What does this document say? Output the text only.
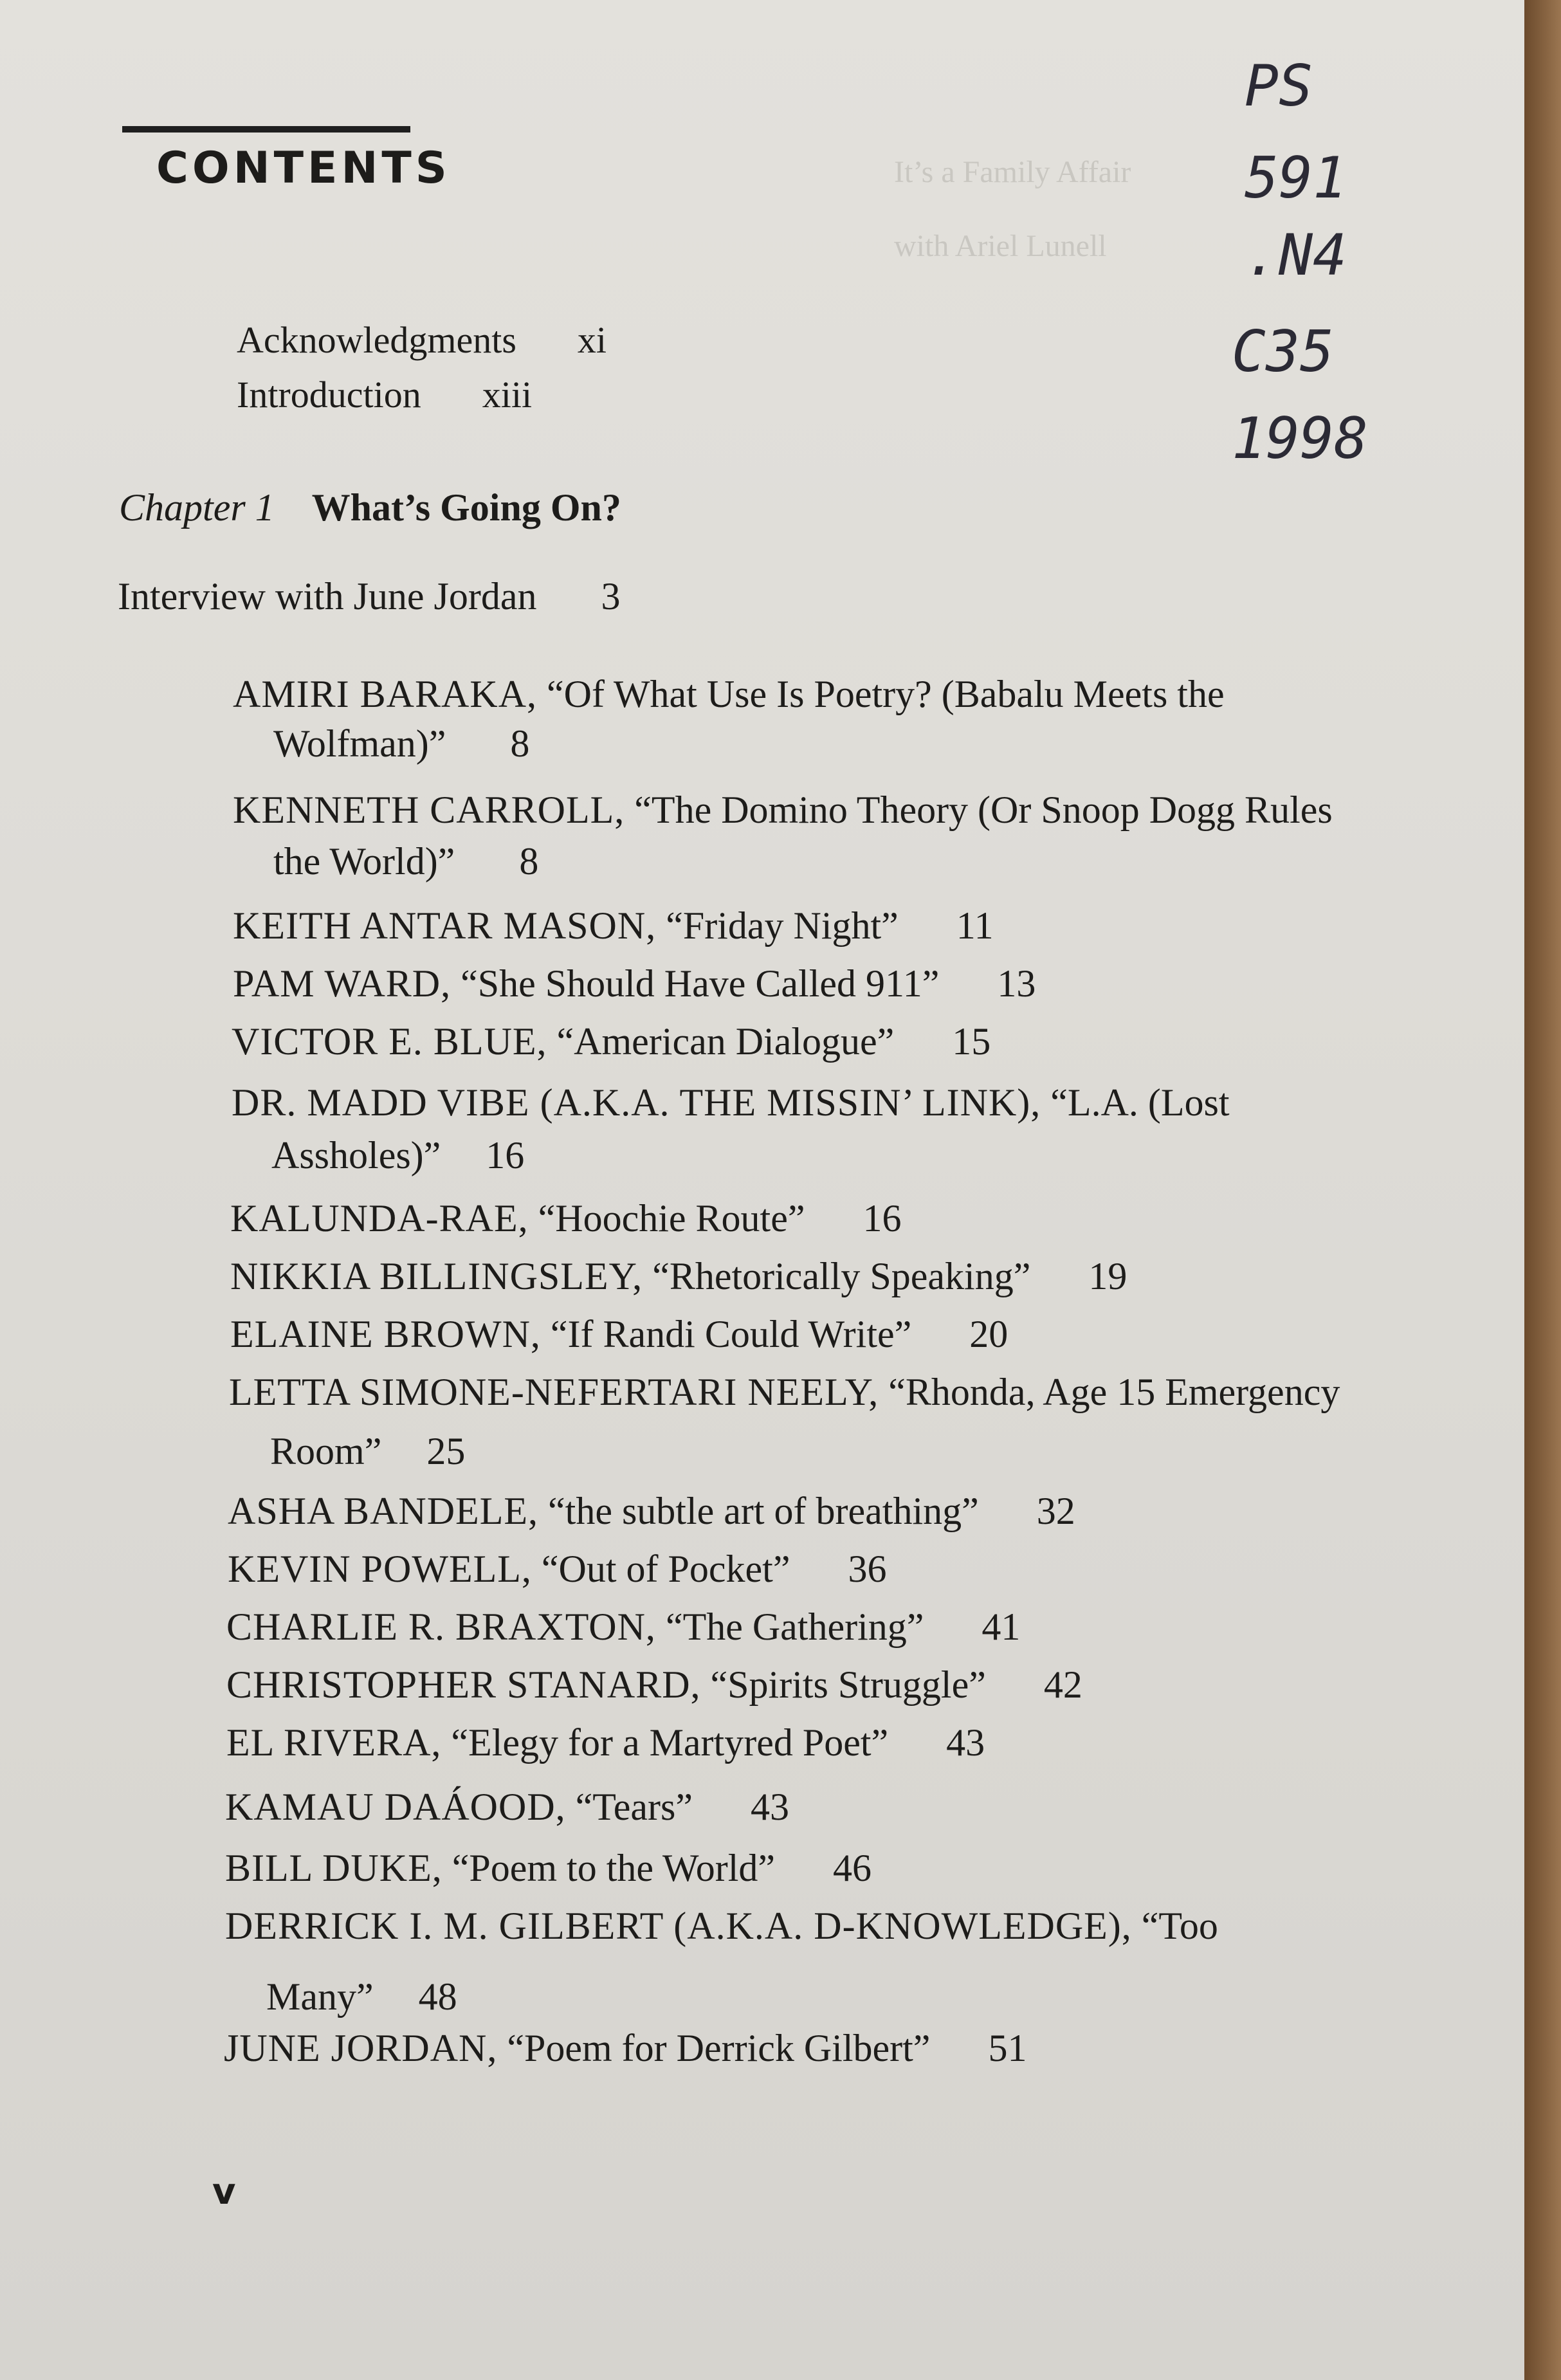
It’s a Family Affair
with Ariel Lunell
CONTENTS
PS
591
.N4
C35
1998
Acknowledgments xi
Introduction xiii
Chapter 1 What’s Going On?
Interview with June Jordan 3
AMIRI BARAKA, “Of What Use Is Poetry? (Babalu Meets the
Wolfman)” 8
KENNETH CARROLL, “The Domino Theory (Or Snoop Dogg Rules
the World)” 8
KEITH ANTAR MASON, “Friday Night” 11
PAM WARD, “She Should Have Called 911” 13
VICTOR E. BLUE, “American Dialogue” 15
DR. MADD VIBE (A.K.A. THE MISSIN’ LINK), “L.A. (Lost
Assholes)” 16
KALUNDA-RAE, “Hoochie Route” 16
NIKKIA BILLINGSLEY, “Rhetorically Speaking” 19
ELAINE BROWN, “If Randi Could Write” 20
LETTA SIMONE-NEFERTARI NEELY, “Rhonda, Age 15 Emergency
Room” 25
ASHA BANDELE, “the subtle art of breathing” 32
KEVIN POWELL, “Out of Pocket” 36
CHARLIE R. BRAXTON, “The Gathering” 41
CHRISTOPHER STANARD, “Spirits Struggle” 42
EL RIVERA, “Elegy for a Martyred Poet” 43
KAMAU DAÁOOD, “Tears” 43
BILL DUKE, “Poem to the World” 46
DERRICK I. M. GILBERT (A.K.A. D-KNOWLEDGE), “Too
Many” 48
JUNE JORDAN, “Poem for Derrick Gilbert” 51
v
